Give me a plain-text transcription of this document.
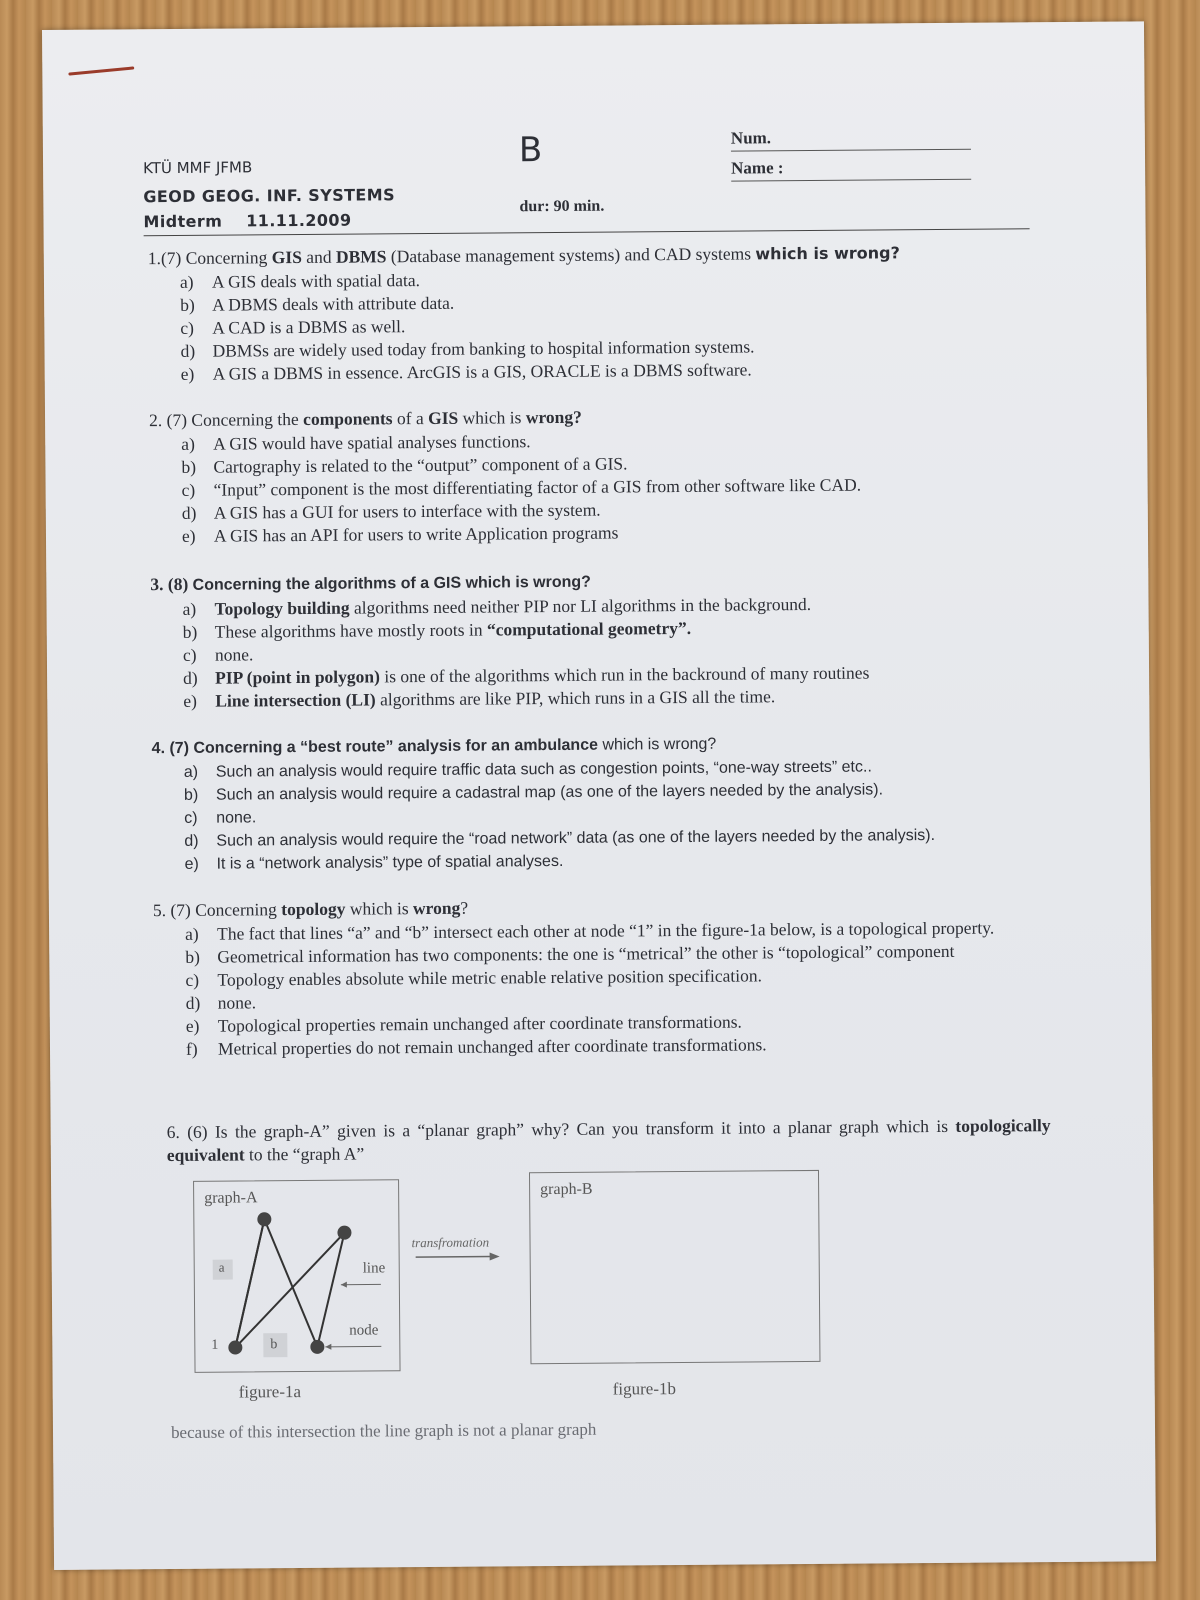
KTÜ MMF JFMB
GEOD GEOG. INF. SYSTEMS
Midterm 11.11.2009
B
dur: 90 min.
Num.
Name :
1.(7) Concerning GIS and DBMS (Database management systems) and CAD systems which is wrong?
a)	A GIS deals with spatial data.
b) A DBMS deals with attribute data.
c)	A CAD is a DBMS as well.
d) DBMSs are widely used today from banking to hospital information systems.
e)	A GIS a DBMS in essence. ArcGIS is a GIS, ORACLE is a DBMS software.
2. (7) Concerning the components of a GIS which is wrong?
a)	A GIS would have spatial analyses functions.
b) Cartography is related to the “output” component of a GIS.
c)	“Input” component is the most differentiating factor of a GIS from other software like CAD.
d) A GIS has a GUI for users to interface with the system.
e)	A GIS has an API for users to write Application programs
3. (8) Concerning the algorithms of a GIS which is wrong?
a)	Topology building algorithms need neither PIP nor LI algorithms in the background.
b) These algorithms have mostly roots in “computational geometry”.
c)	none.
d) PIP (point in polygon) is one of the algorithms which run in the backround of many routines
e)	Line intersection (LI) algorithms are like PIP, which runs in a GIS all the time.
4. (7) Concerning a “best route” analysis for an ambulance which is wrong?
a)	Such an analysis would require traffic data such as congestion points, “one-way streets” etc..
b)	Such an analysis would require a cadastral map (as one of the layers needed by the analysis).
c)	none.
d)	Such an analysis would require the “road network” data (as one of the layers needed by the analysis).
e)	It is a “network analysis” type of spatial analyses.
5. (7) Concerning topology which is wrong?
a)	The fact that lines “a” and “b” intersect each other at node “1” in the figure-1a below, is a topological property.
b) Geometrical information has two components: the one is “metrical” the other is “topological” component
c)	Topology enables absolute while metric enable relative position specification.
d) none.
e)	Topological properties remain unchanged after coordinate transformations.
f)	Metrical properties do not remain unchanged after coordinate transformations.
6. (6) Is the graph-A” given is a “planar graph” why? Can you transform it into a planar graph which is topologically equivalent to the “graph A”
graph-A
a
b
1
line
node
transfromation
graph-B
figure-1a	figure-1b
because of this intersection the line graph is not a planar graph
